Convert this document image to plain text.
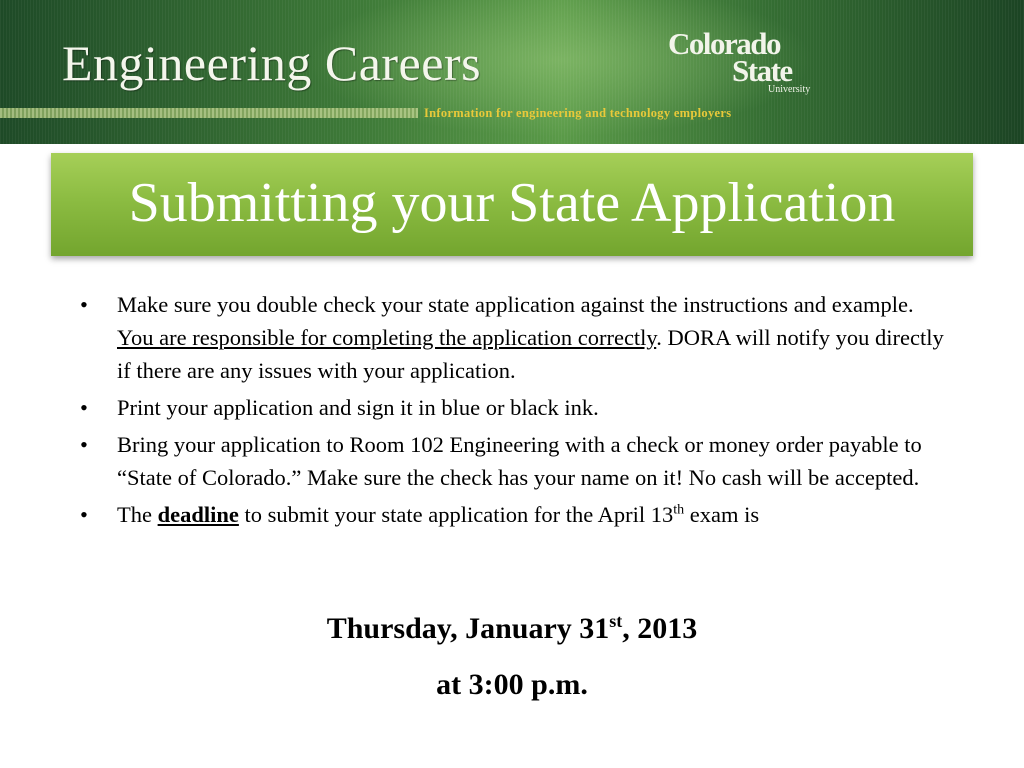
Engineering Careers
Information for engineering and technology employers
Colorado
State
University
Submitting your State Application
• Make sure you double check your state application against the instructions and example. You are responsible for completing the application correctly. DORA will notify you directly if there are any issues with your application.
• Print your application and sign it in blue or black ink.
• Bring your application to Room 102 Engineering with a check or money order payable to “State of Colorado.” Make sure the check has your name on it! No cash will be accepted.
• The deadline to submit your state application for the April 13th exam is
Thursday, January 31st, 2013
at 3:00 p.m.
